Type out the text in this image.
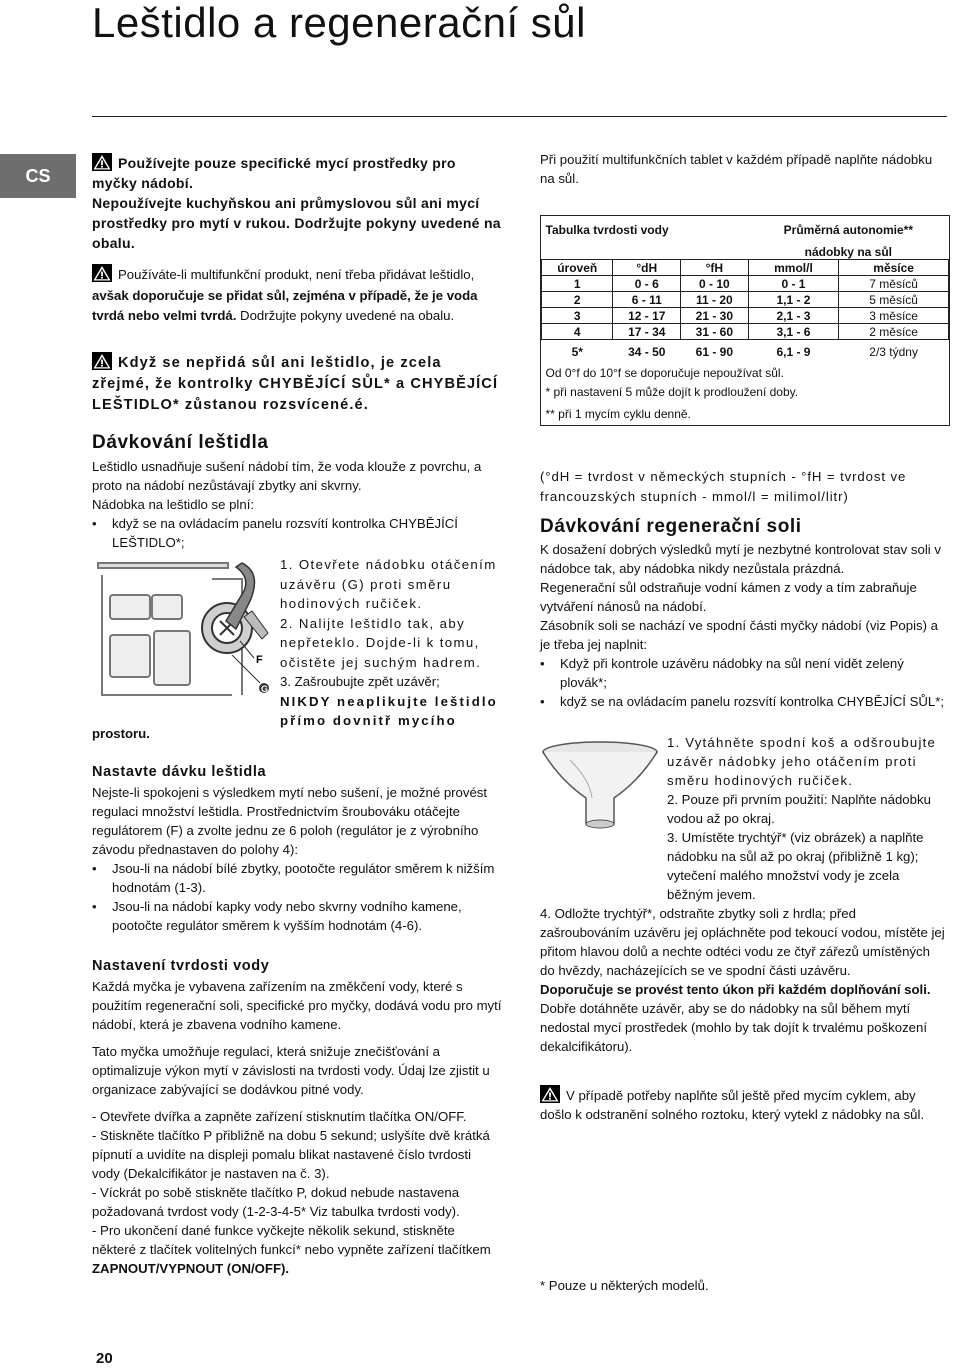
Leštidlo a regenerační sůl
CS

Používejte pouze specifické mycí prostředky pro myčky nádobí.
Nepoužívejte kuchyňskou ani průmyslovou sůl ani mycí prostředky pro mytí v rukou. Dodržujte pokyny uvedené na obalu.

Používáte-li multifunkční produkt, není třeba přidávat leštidlo, avšak doporučuje se přidat sůl, zejména v případě, že je voda tvrdá nebo velmi tvrdá. Dodržujte pokyny uvedené na obalu.

Když se nepřidá sůl ani leštidlo, je zcela zřejmé, že kontrolky CHYBĚJÍCÍ SŮL* a CHYBĚJÍCÍ LEŠTIDLO* zůstanou rozsvícené.é.

Dávkování leštidla

Leštidlo usnadňuje sušení nádobí tím, že voda klouže z povrchu, a proto na nádobí nezůstávají zbytky ani skvrny.

Nádobka na leštidlo se plní:

• když se na ovládacím panelu rozsvítí kontrolka CHYBĚJÍCÍ LEŠTIDLO*;
F
G

1. Otevřete nádobku otáčením uzávěru (G) proti směru hodinových ručiček.

2. Nalijte leštidlo tak, aby nepřeteklo. Dojde-li k tomu, očistěte jej suchým hadrem.

3. Zašroubujte zpět uzávěr;

NIKDY neaplikujte leštidlo přímo dovnitř mycího

prostoru.

Nastavte dávku leštidla

Nejste-li spokojeni s výsledkem mytí nebo sušení, je možné provést regulaci množství leštidla. Prostřednictvím šroubováku otáčejte regulátorem (F) a zvolte jednu ze 6 poloh (regulátor je z výrobního závodu přednastaven do polohy 4):

• Jsou-li na nádobí bílé zbytky, pootočte regulátor směrem k nižším hodnotám (1-3).
• Jsou-li na nádobí kapky vody nebo skvrny vodního kamene, pootočte regulátor směrem k vyšším hodnotám (4-6).
Nastavení tvrdosti vody

Každá myčka je vybavena zařízením na změkčení vody, které s použitím regenerační soli, specifické pro myčky, dodává vodu pro mytí nádobí, která je zbavena vodního kamene.

Tato myčka umožňuje regulaci, která snižuje znečišťování a optimalizuje výkon mytí v závislosti na tvrdosti vody. Údaj lze zjistit u organizace zabývající se dodávkou pitné vody.

- Otevřete dvířka a zapněte zařízení stisknutím tlačítka ON/OFF.

- Stiskněte tlačítko P přibližně na dobu 5 sekund; uslyšíte dvě krátká pípnutí a uvidíte na displeji pomalu blikat nastavené číslo tvrdosti vody (Dekalcifikátor je nastaven na č. 3).

- Víckrát po sobě stiskněte tlačítko P, dokud nebude nastavena požadovaná tvrdost vody (1-2-3-4-5* Viz tabulka tvrdosti vody).

- Pro ukončení dané funkce vyčkejte několik sekund, stiskněte některé z tlačítek volitelných funkcí* nebo vypněte zařízení tlačítkem

ZAPNOUT/VYPNOUT (ON/OFF).

Při použití multifunkčních tablet v každém případě naplňte nádobku na sůl.

Tabulka tvrdosti vody			Průměrná autonomie**	
			nádobky na sůl	
úroveň	°dH	°fH	mmol/l	měsíce
1	0 - 6	0 - 10	0 - 1	7 měsíců
2	6 - 11	11 - 20	1,1 - 2	5 měsíců
3	12 - 17	21 - 30	2,1 - 3	3 měsíce
4	17 - 34	31 - 60	3,1 - 6	2 měsíce
5*	34 - 50	61 - 90	6,1 - 9	2/3 týdny
Od 0°f do 10°f se doporučuje nepoužívat sůl.				
* při nastavení 5 může dojít k prodloužení doby.				
** při 1 mycím cyklu denně.				

(°dH = tvrdost v německých stupních - °fH = tvrdost ve francouzských stupních - mmol/l = milimol/litr)

Dávkování regenerační soli

K dosažení dobrých výsledků mytí je nezbytné kontrolovat stav soli v nádobce tak, aby nádobka nikdy nezůstala prázdná.

Regenerační sůl odstraňuje vodní kámen z vody a tím zabraňuje vytváření nánosů na nádobí.

Zásobník soli se nachází ve spodní části myčky nádobí (viz Popis) a je třeba jej naplnit:

• Když při kontrole uzávěru nádobky na sůl není vidět zelený plovák*;
• když se na ovládacím panelu rozsvítí kontrolka CHYBĚJÍCÍ SŮL*;

1. Vytáhněte spodní koš a odšroubujte uzávěr nádobky jeho otáčením proti směru hodinových ručiček.

2. Pouze při prvním použití: Naplňte nádobku vodou až po okraj.

3. Umístěte trychtýř* (viz obrázek) a naplňte nádobku na sůl až po okraj (přibližně 1 kg); vytečení malého množství vody je zcela běžným jevem.

4. Odložte trychtýř*, odstraňte zbytky soli z hrdla; před zašroubováním uzávěru jej opláchněte pod tekoucí vodou, místěte jej přitom hlavou dolů a nechte odtéci vodu ze čtyř zářezů umístěných do hvězdy, nacházejících se ve spodní části uzávěru.

Doporučuje se provést tento úkon při každém doplňování soli.

Dobře dotáhněte uzávěr, aby se do nádobky na sůl během mytí nedostal mycí prostředek (mohlo by tak dojít k trvalému poškození dekalcifikátoru).

V případě potřeby naplňte sůl ještě před mycím cyklem, aby došlo k odstranění solného roztoku, který vytekl z nádobky na sůl.

* Pouze u některých modelů.

20
